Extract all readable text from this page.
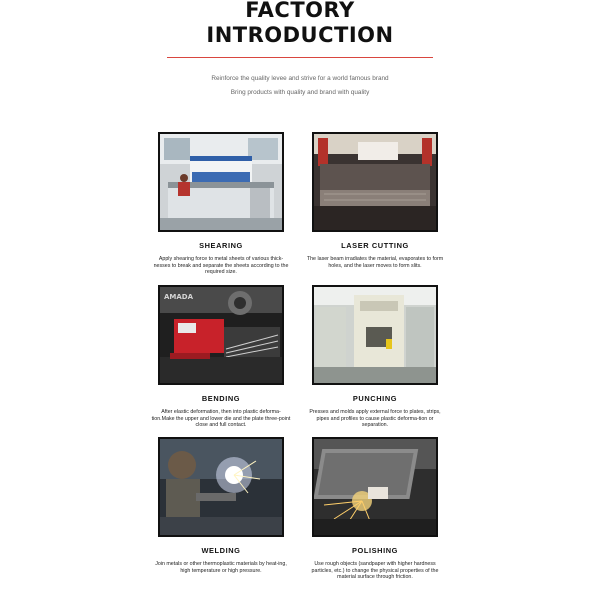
FACTORY
INTRODUCTION
Reinforce the quality levee and strive for a world famous brand
Bring products with quality and brand with quality
SHEARING
Apply shearing force to metal sheets of various thick-nesses to break and separate the sheets according to the required size.
LASER CUTTING
The laser beam irradiates the material, evaporates to form holes, and the laser moves to form slits.
AMADA
BENDING
After elastic deformation, then into plastic deforma-tion.Make the upper and lower die and the plate three-point close and full contact.
PUNCHING
Presses and molds apply external force to plates, strips, pipes and profiles to cause plastic deforma-tion or separation.
WELDING
Join metals or other thermoplastic materials by heat-ing, high temperature or high pressure.
POLISHING
Use rough objects (sandpaper with higher hardness particles, etc.) to change the physical properties of the material surface through friction.
